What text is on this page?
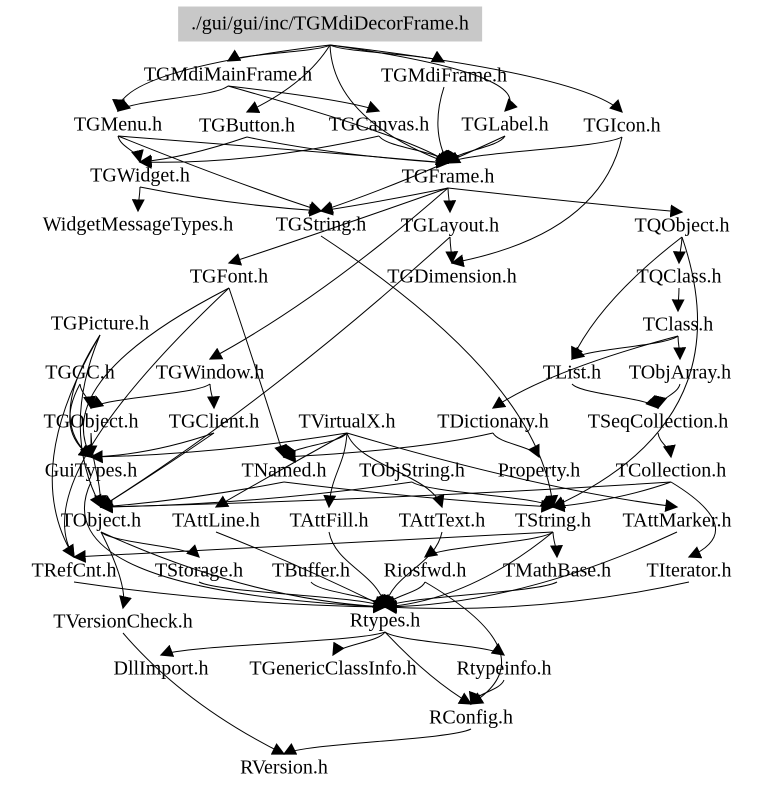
./gui/gui/inc/TGMdiDecorFrame.h
TGMdiMainFrame.h	TGMdiFrame.h
TGMenu.h TGButton.h TGCanvas.h TGLabel.h TGIcon.h
TGWidget.h	TGFrame.h
WidgetMessageTypes.h TGString.h TGLayout.h	TQObject.h
TGFont.h	TGDimension.h	TQClass.h
TGPicture.h	TClass.h
TGGC.h TGWindow.h	TList.h TObjArray.h
TGObject.h TGClient.h TVirtualX.h TDictionary.h TSeqCollection.h
GuiTypes.h	TNamed.h TObjString.h Property.h TCollection.h
TObject.h TAttLine.h TAttFill.h TAttText.h TString.h TAttMarker.h
TRefCnt.h TStorage.h TBuffer.h Riosfwd.h TMathBase.h TIterator.h
TVersionCheck.h	Rtypes.h
DllImport.h TGenericClassInfo.h Rtypeinfo.h
RConfig.h
RVersion.h
